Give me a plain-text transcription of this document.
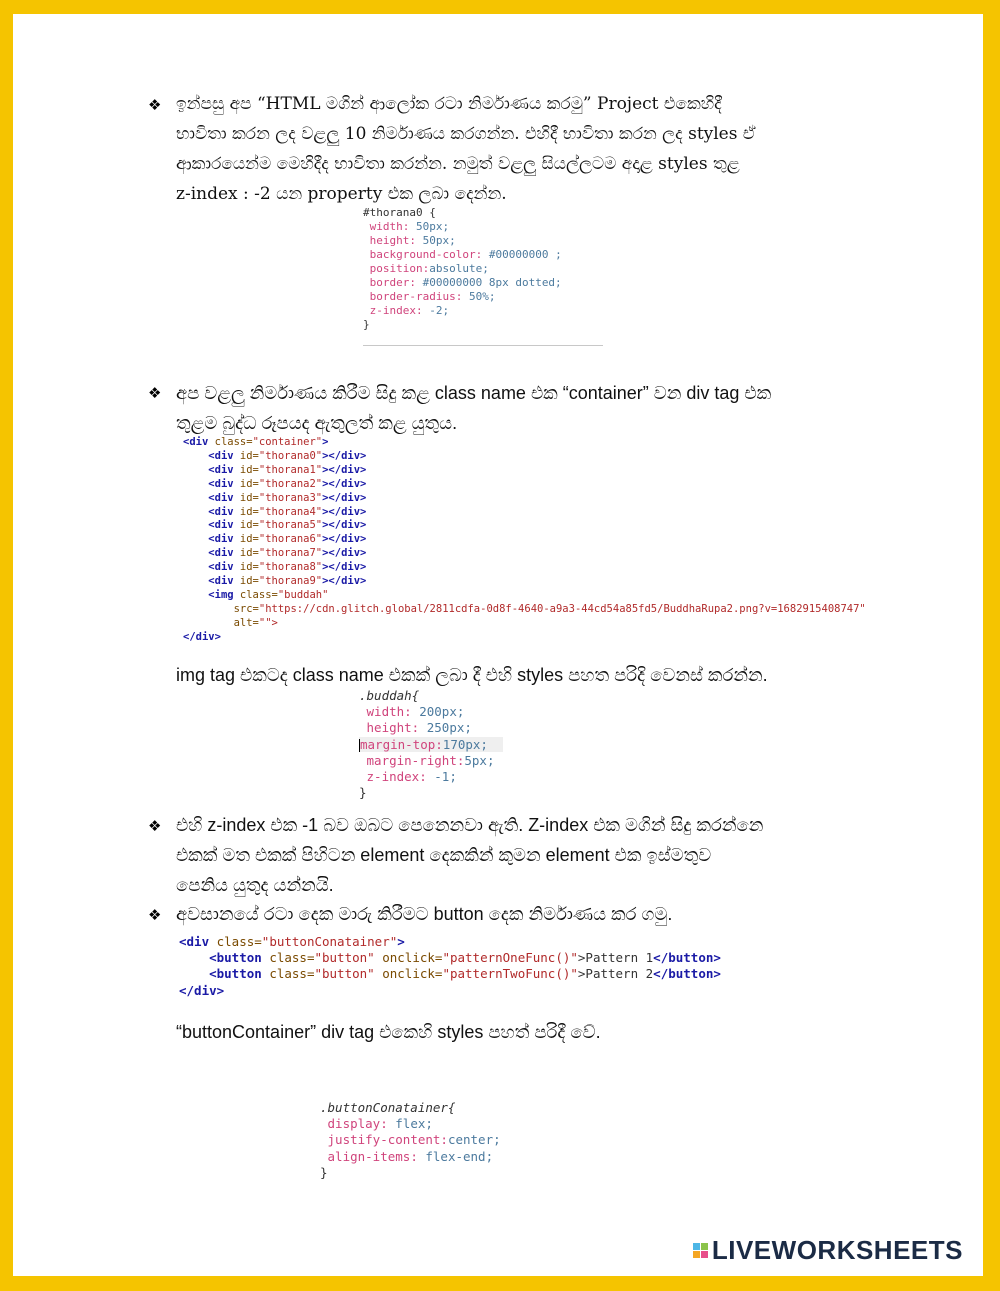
❖ ඉන්පසු අප “HTML මගින් ආලෝක රටා නිර්මාණය කරමු” Project එකෙහිදී
භාවිතා කරන ලද වළලු 10 නිර්මාණය කරගන්න. එහිදී භාවිතා කරන ලද styles ඒ
ආකාරයෙන්ම මෙහිදීද භාවිතා කරන්න. නමුත් වළලු සියල්ලටම අදාළ styles තුළ
z-index : -2 යන property එක ලබා දෙන්න.
#thorana0 {
width: 50px;
height: 50px;
background-color: #00000000 ;
position:absolute;
border: #00000000 8px dotted;
border-radius: 50%;
z-index: -2;
}
❖ අප වළලු නිර්මාණය කිරීම සිදු කළ class name එක “container” වන div tag එක
තුළම බුද්ධ රූපයද ඇතුලත් කළ යුතුය.
<div class="container">
<div id="thorana0"></div>
<div id="thorana1"></div>
<div id="thorana2"></div>
<div id="thorana3"></div>
<div id="thorana4"></div>
<div id="thorana5"></div>
<div id="thorana6"></div>
<div id="thorana7"></div>
<div id="thorana8"></div>
<div id="thorana9"></div>
<img class="buddah"
src="https://cdn.glitch.global/2811cdfa-0d8f-4640-a9a3-44cd54a85fd5/BuddhaRupa2.png?v=1682915408747"
alt="">
</div>
img tag එකටද class name එකක් ලබා දී එහි styles පහත පරිදි වෙනස් කරන්න.
.buddah{
width: 200px;
height: 250px;
margin-top:170px;
margin-right:5px;
z-index: -1;
}
❖ එහි z-index එක -1 බව ඔබට පෙනෙනවා ඇති. Z-index එක මගින් සිදු කරන්නෙ
එකක් මත එකක් පිහිටන element දෙකකින් කුමන element එක ඉස්මතුව
පෙනිය යුතුද යන්නයි.
❖ අවසානයේ රටා දෙක මාරු කිරීමට button දෙක නිර්මාණය කර ගමු.
<div class="buttonConatainer">
<button class="button" onclick="patternOneFunc()">Pattern 1</button>
<button class="button" onclick="patternTwoFunc()">Pattern 2</button>
</div>
“buttonContainer” div tag එකෙහි styles පහත් පරිදී වේ.
.buttonConatainer{
display: flex;
justify-content:center;
align-items: flex-end;
}
LIVEWORKSHEETS
